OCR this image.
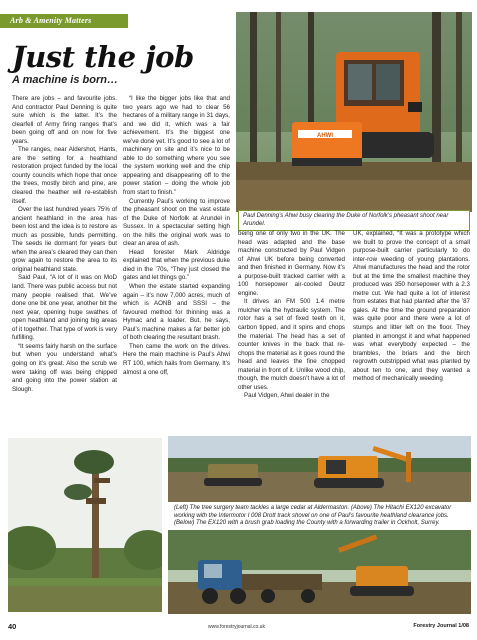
Arb & Amenity Matters
Just the job
A machine is born…
AHWI
Paul Denning’s Ahwi busy clearing the Duke of Norfolk’s pheasant shoot near Arundel.

There are jobs – and favourite jobs. And contractor Paul Denning is quite sure which is the latter. It’s the clearfell of Army firing ranges that’s been going off and on now for five years.

The ranges, near Aldershot, Hants, are the setting for a heathland restoration project funded by the local county councils which hope that once the trees, mostly birch and pine, are cleared the heather will re-establish itself.

Over the last hundred years 75% of ancient heathland in the area has been lost and the idea is to restore as much as possible, funds permitting. The seeds lie dormant for years but when the area’s cleared they can then grow again to restore the area to its original heathland state.

Said Paul, “A lot of it was on MoD land. There was public access but not many people realised that. We’ve done one bit one year, another bit the next year, opening huge swathes of open heathland and joining big areas of it together. That type of work is very fulfilling.

“It seems fairly harsh on the surface but when you understand what’s going on it’s great. Also the scrub we were taking off was being chipped and going into the power station at Slough.

“I like the bigger jobs like that and two years ago we had to clear 56 hectares of a military range in 31 days, and we did it, which was a fair achievement. It’s the biggest one we’ve done yet. It’s good to see a lot of machinery on site and it’s nice to be able to do something where you see the system working well and the chip appearing and disappearing off to the power station – doing the whole job from start to finish.”

Currently Paul’s working to improve the pheasant shoot on the vast estate of the Duke of Norfolk at Arundel in Sussex. In a spectacular setting high on the hills the original work was to clear an area of ash.

Head forester Mark Aldridge explained that when the previous duke died in the ’70s, “They just closed the gates and let things go.”

When the estate started expanding again – it’s now 7,000 acres, much of which is AONB and SSSI – the favoured method for thinning was a Hymac and a loader. But, he says, Paul’s machine makes a far better job of both clearing the resultant brash.

Then came the work on the drives. Here the main machine is Paul’s Ahwi RT 100, which hails from Germany. It’s almost a one off,

being one of only two in the UK. The head was adapted and the base machine constructed by Paul Vidgen of Ahwi UK before being converted and then finished in Germany. Now it’s a purpose-built tracked carrier with a 100 horsepower air-cooled Deutz engine.

It drives an FM 500 1.4 metre mulcher via the hydraulic system. The rotor has a set of fixed teeth on it, carbon tipped, and it spins and chops the material. The head has a set of counter knives in the back that re-chops the material as it goes round the head and leaves the fine chopped material in front of it. Unlike wood chip, though, the mulch doesn’t have a lot of other uses.

Paul Vidgen, Ahwi dealer in the

UK, explained, “It was a prototype which we built to prove the concept of a small purpose-built carrier particularly to do inter-row weeding of young plantations. Ahwi manufactures the head and the rotor but at the time the smallest machine they produced was 350 horsepower with a 2.3 metre cut. We had quite a lot of interest from estates that had planted after the ’87 gales. At the time the ground preparation was quite poor and there were a lot of stumps and litter left on the floor. They planted in amongst it and what happened was what everybody expected – the brambles, the briars and the birch regrowth outstripped what was planted by about ten to one, and they wanted a method of mechanically weeding

(Left) The tree surgery team tackles a large cedar at Aldermaston. (Above) The Hitachi EX120 excavator working with the Intermotor I 008 Drott track shovel on one of Paul’s favourite heathland clearance jobs. (Below) The EX120 with a brush grab loading the County with a forwarding trailer in Ockholt, Surrey.
40	www.forestryjournal.co.uk	Forestry Journal 1/08
